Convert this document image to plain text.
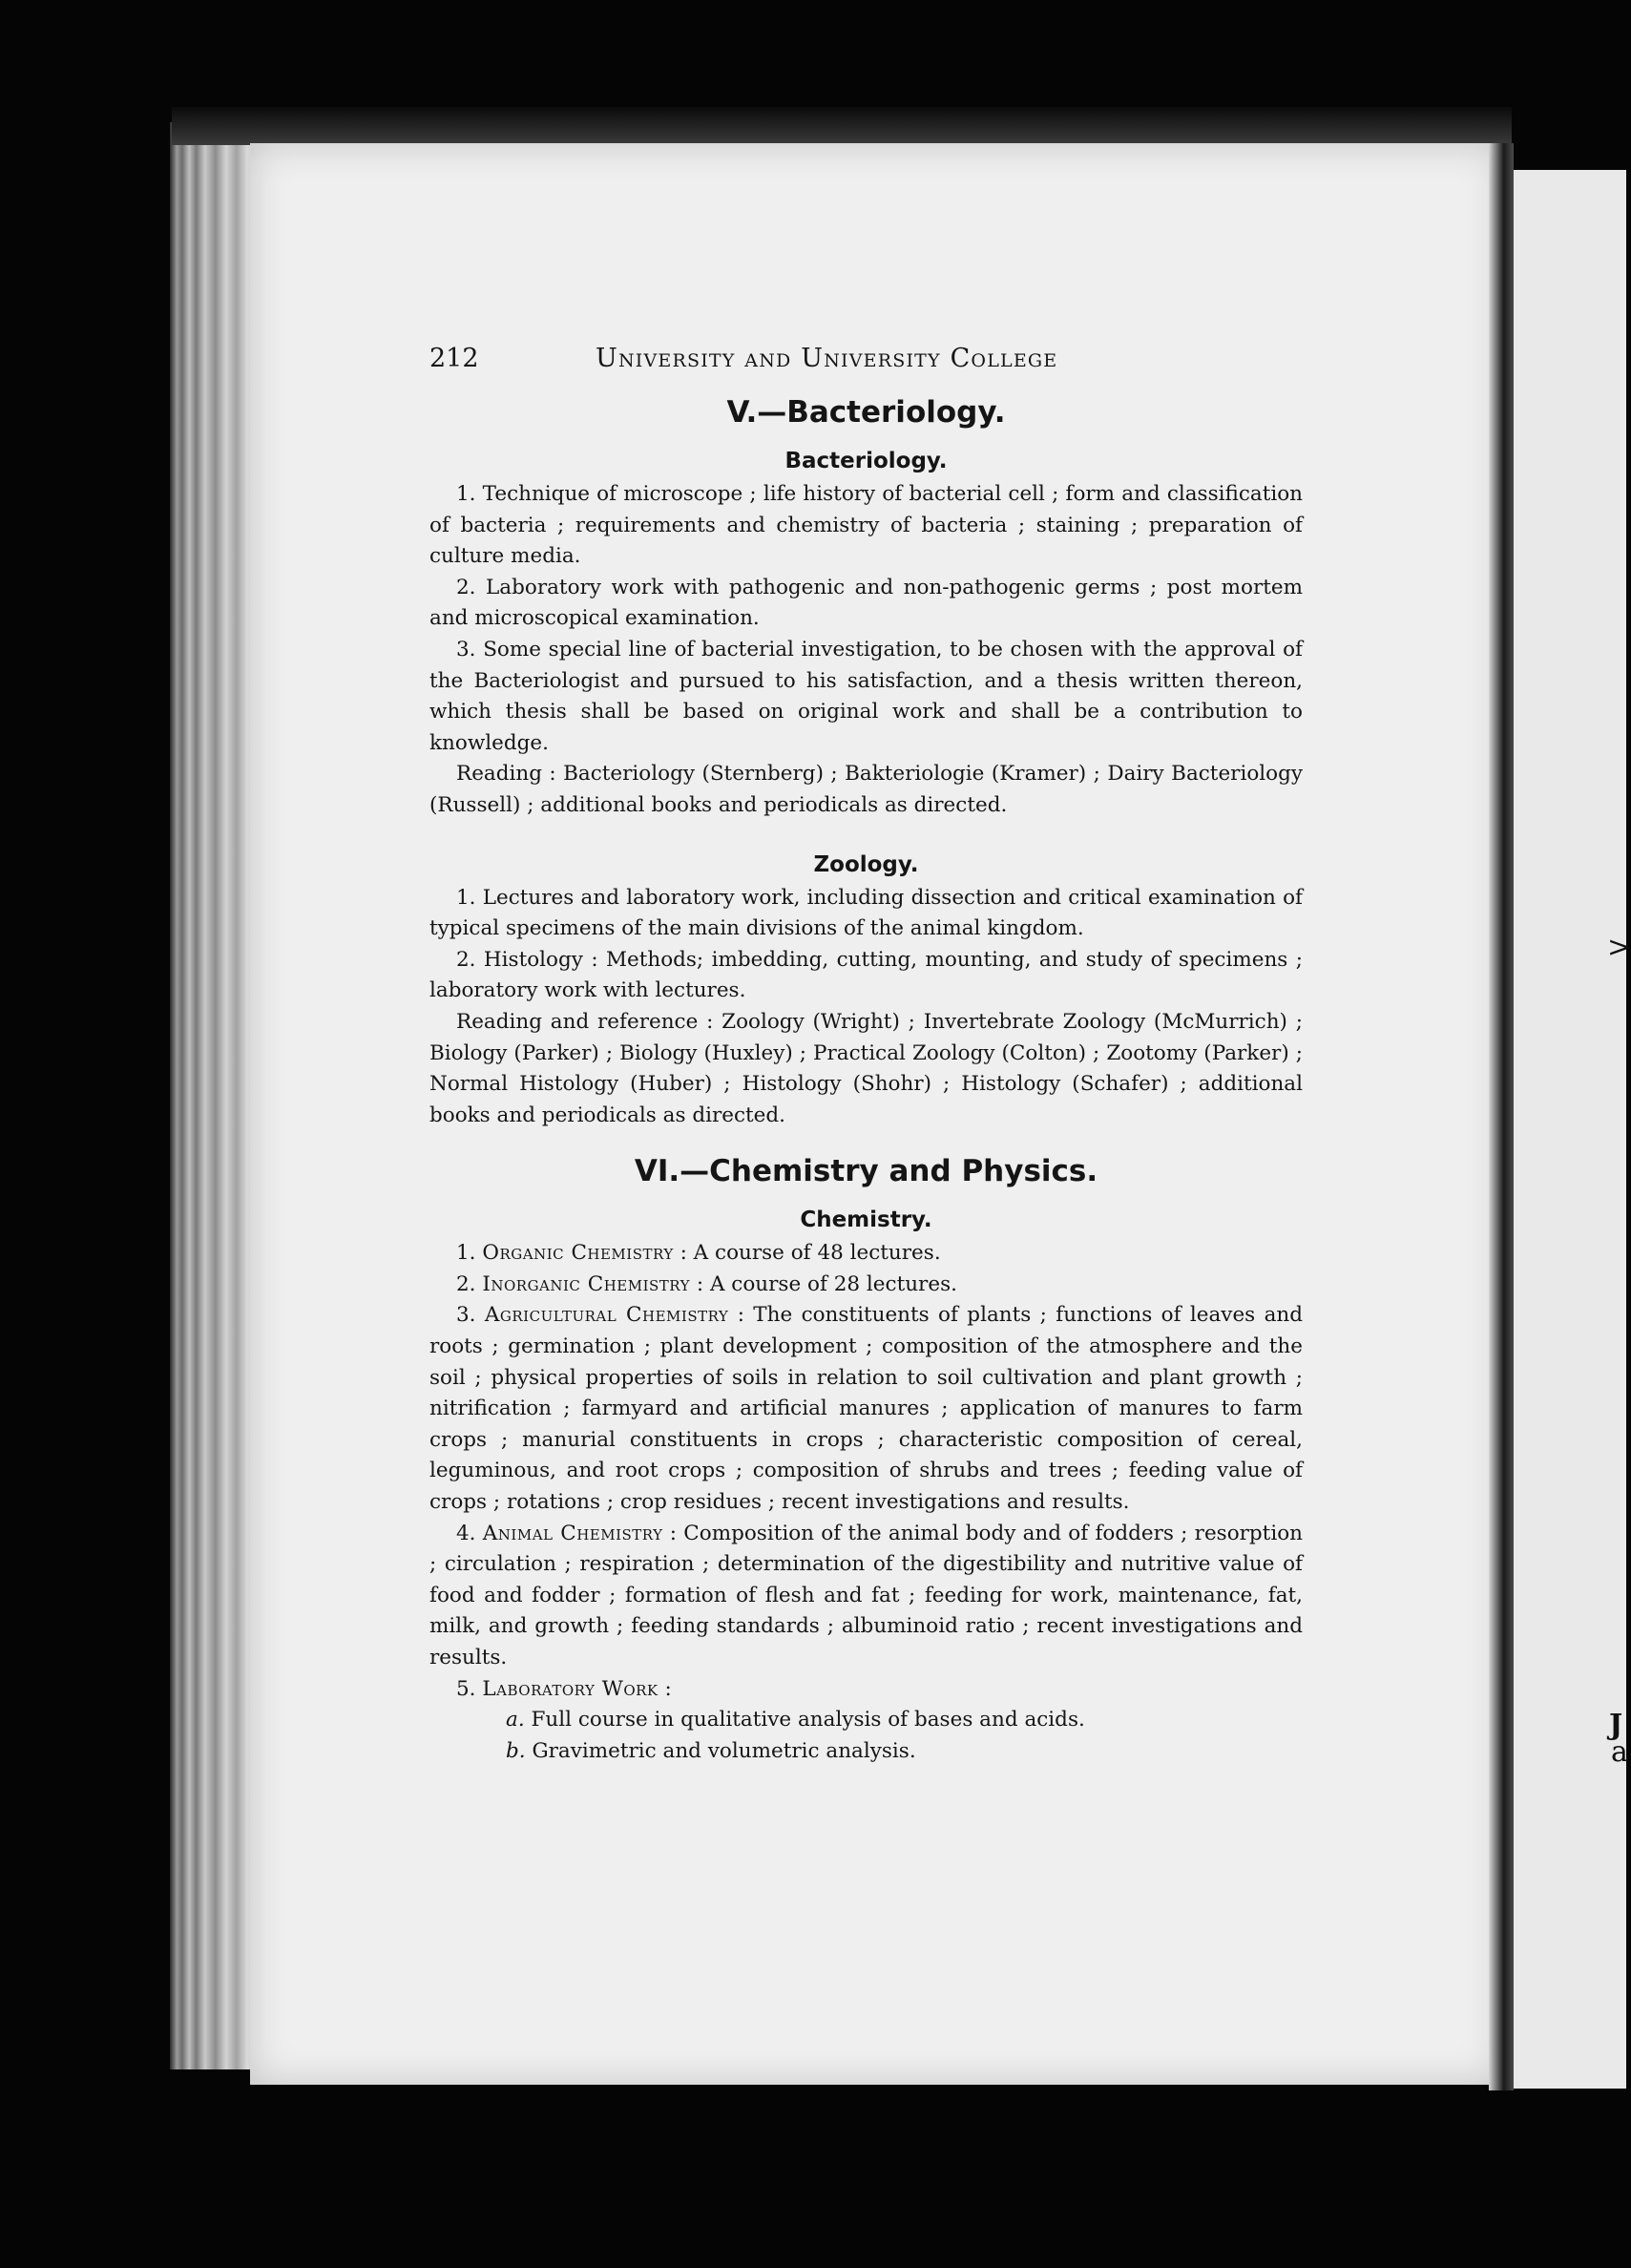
>
J
a
212	University and University College
V.—Bacteriology.
Bacteriology.

1. Technique of microscope ; life history of bacterial cell ; form and classification of bacteria ; requirements and chemistry of bacteria ; staining ; preparation of culture media.

2. Laboratory work with pathogenic and non-pathogenic germs ; post mortem and microscopical examination.

3. Some special line of bacterial investigation, to be chosen with the approval of the Bacteriologist and pursued to his satisfaction, and a thesis written thereon, which thesis shall be based on original work and shall be a contribution to knowledge.

Reading : Bacteriology (Sternberg) ; Bakteriologie (Kramer) ; Dairy Bacteriology (Russell) ; additional books and periodicals as directed.

Zoology.

1. Lectures and laboratory work, including dissection and critical examination of typical specimens of the main divisions of the animal kingdom.

2. Histology : Methods; imbedding, cutting, mounting, and study of specimens ; laboratory work with lectures.

Reading and reference : Zoology (Wright) ; Invertebrate Zoology (McMurrich) ; Biology (Parker) ; Biology (Huxley) ; Practical Zoology (Colton) ; Zootomy (Parker) ; Normal Histology (Huber) ; Histology (Shohr) ; Histology (Schafer) ; additional books and periodicals as directed.

VI.—Chemistry and Physics.
Chemistry.

1. Organic Chemistry : A course of 48 lectures.

2. Inorganic Chemistry : A course of 28 lectures.

3. Agricultural Chemistry : The constituents of plants ; functions of leaves and roots ; germination ; plant development ; composition of the atmosphere and the soil ; physical properties of soils in relation to soil cultivation and plant growth ; nitrification ; farmyard and artificial manures ; application of manures to farm crops ; manurial constituents in crops ; characteristic composition of cereal, leguminous, and root crops ; composition of shrubs and trees ; feeding value of crops ; rotations ; crop residues ; recent investigations and results.

4. Animal Chemistry : Composition of the animal body and of fodders ; resorption ; circulation ; respiration ; determination of the digestibility and nutritive value of food and fodder ; formation of flesh and fat ; feeding for work, maintenance, fat, milk, and growth ; feeding standards ; albuminoid ratio ; recent investigations and results.

5. Laboratory Work :

a. Full course in qualitative analysis of bases and acids.

b. Gravimetric and volumetric analysis.
